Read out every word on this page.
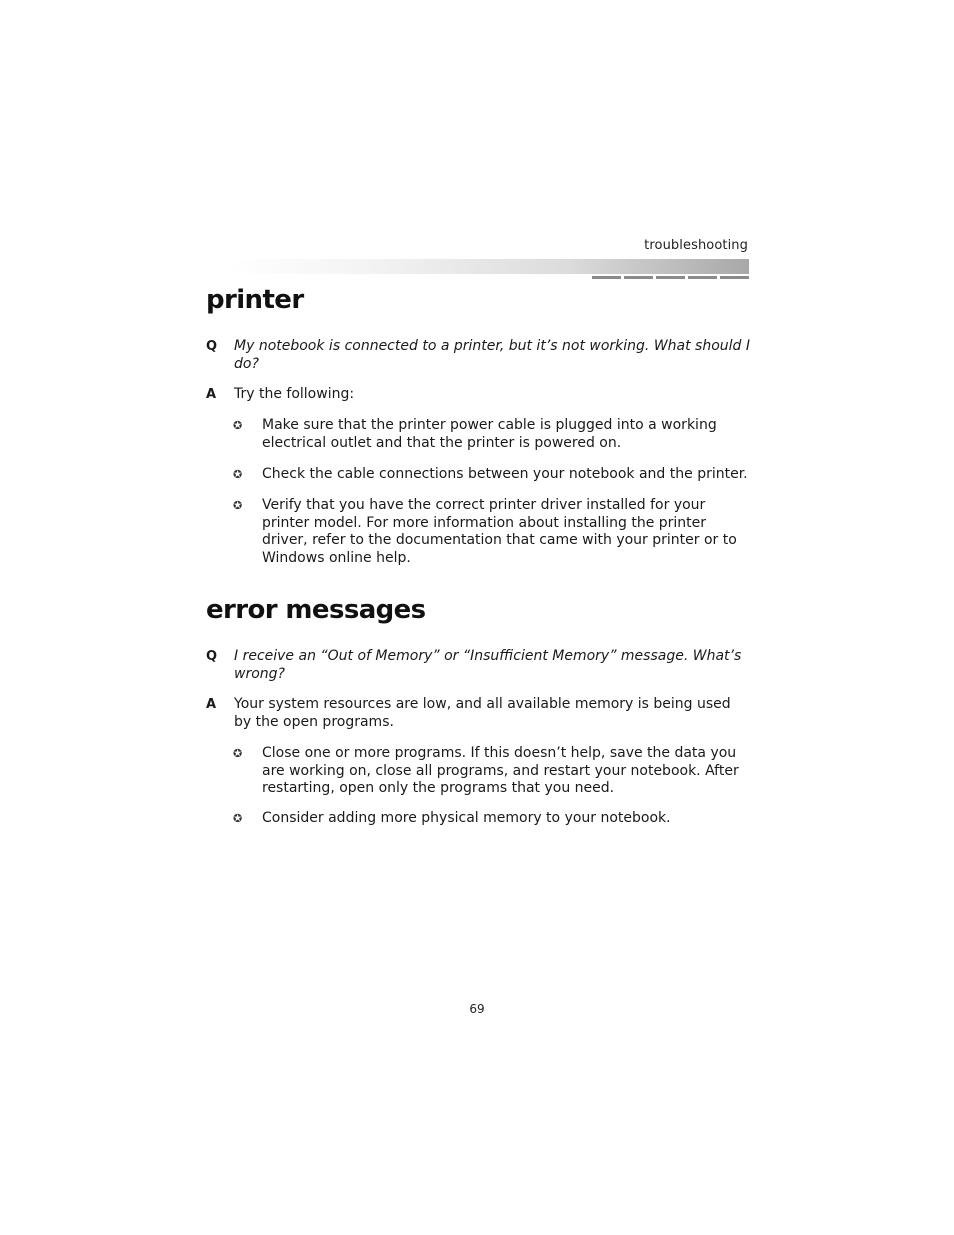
troubleshooting
printer
Q My notebook is connected to a printer, but it’s not working. What should I do?
A Try the following:
✪ Make sure that the printer power cable is plugged into a working electrical outlet and that the printer is powered on.
✪ Check the cable connections between your notebook and the printer.
✪ Verify that you have the correct printer driver installed for your printer model. For more information about installing the printer driver, refer to the documentation that came with your printer or to Windows online help.
error messages
Q I receive an “Out of Memory” or “Insufficient Memory” message. What’s wrong?
A Your system resources are low, and all available memory is being used by the open programs.
✪ Close one or more programs. If this doesn’t help, save the data you are working on, close all programs, and restart your notebook. After restarting, open only the programs that you need.
✪ Consider adding more physical memory to your notebook.
69
